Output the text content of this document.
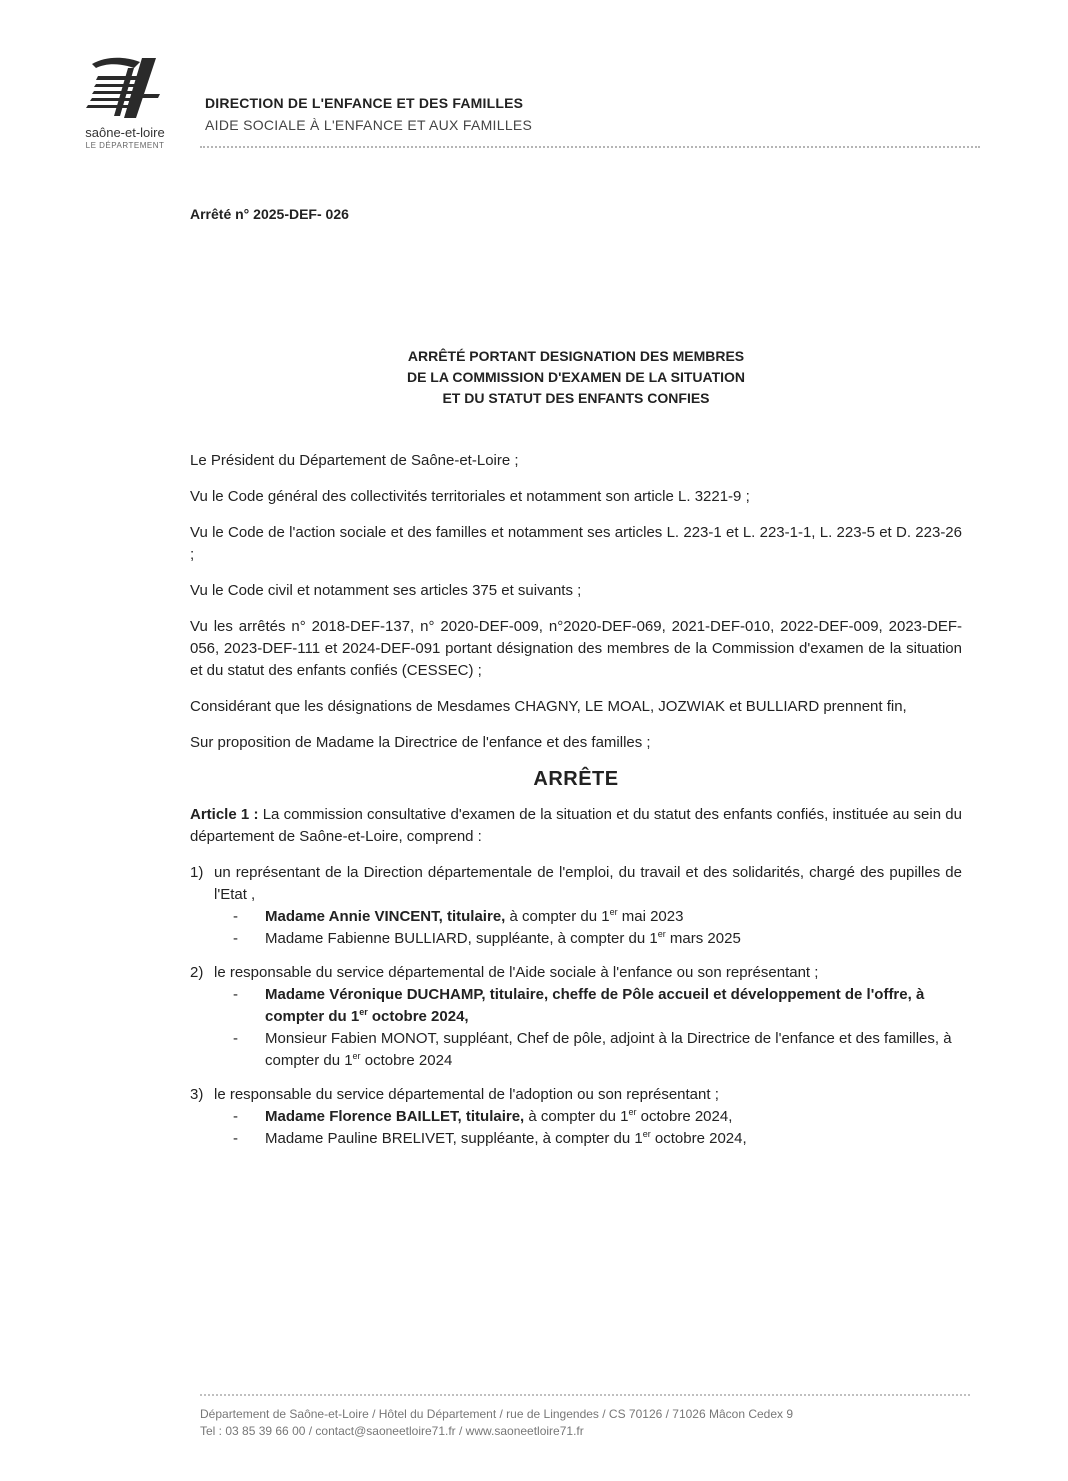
saône-et-loire
LE DÉPARTEMENT
DIRECTION DE L'ENFANCE ET DES FAMILLES
AIDE SOCIALE À L'ENFANCE ET AUX FAMILLES
Arrêté n° 2025-DEF- 026
ARRÊTÉ PORTANT DESIGNATION DES MEMBRES
DE LA COMMISSION D'EXAMEN DE LA SITUATION
ET DU STATUT DES ENFANTS CONFIES

Le Président du Département de Saône-et-Loire ;

Vu le Code général des collectivités territoriales et notamment son article L. 3221-9 ;

Vu le Code de l'action sociale et des familles et notamment ses articles L. 223-1 et L. 223-1-1, L. 223-5 et D. 223-26 ;

Vu le Code civil et notamment ses articles 375 et suivants ;

Vu les arrêtés n° 2018-DEF-137, n° 2020-DEF-009, n°2020-DEF-069, 2021-DEF-010, 2022-DEF-009, 2023-DEF-056, 2023-DEF-111 et 2024-DEF-091 portant désignation des membres de la Commission d'examen de la situation et du statut des enfants confiés (CESSEC) ;

Considérant que les désignations de Mesdames CHAGNY, LE MOAL, JOZWIAK et BULLIARD prennent fin,

Sur proposition de Madame la Directrice de l'enfance et des familles ;

ARRÊTE

Article 1 : La commission consultative d'examen de la situation et du statut des enfants confiés, instituée au sein du département de Saône-et-Loire, comprend :

1) un représentant de la Direction départementale de l'emploi, du travail et des solidarités, chargé des pupilles de l'Etat ,
-	Madame Annie VINCENT, titulaire, à compter du 1er mai 2023
-	Madame Fabienne BULLIARD, suppléante, à compter du 1er mars 2025
2) le responsable du service départemental de l'Aide sociale à l'enfance ou son représentant ;
-	Madame Véronique DUCHAMP, titulaire, cheffe de Pôle accueil et développement de l'offre, à compter du 1er octobre 2024,
-	Monsieur Fabien MONOT, suppléant, Chef de pôle, adjoint à la Directrice de l'enfance et des familles, à compter du 1er octobre 2024
3) le responsable du service départemental de l'adoption ou son représentant ;
-	Madame Florence BAILLET, titulaire, à compter du 1er octobre 2024,
-	Madame Pauline BRELIVET, suppléante, à compter du 1er octobre 2024,
Département de Saône-et-Loire / Hôtel du Département / rue de Lingendes / CS 70126 / 71026 Mâcon Cedex 9
Tel : 03 85 39 66 00 / contact@saoneetloire71.fr / www.saoneetloire71.fr
